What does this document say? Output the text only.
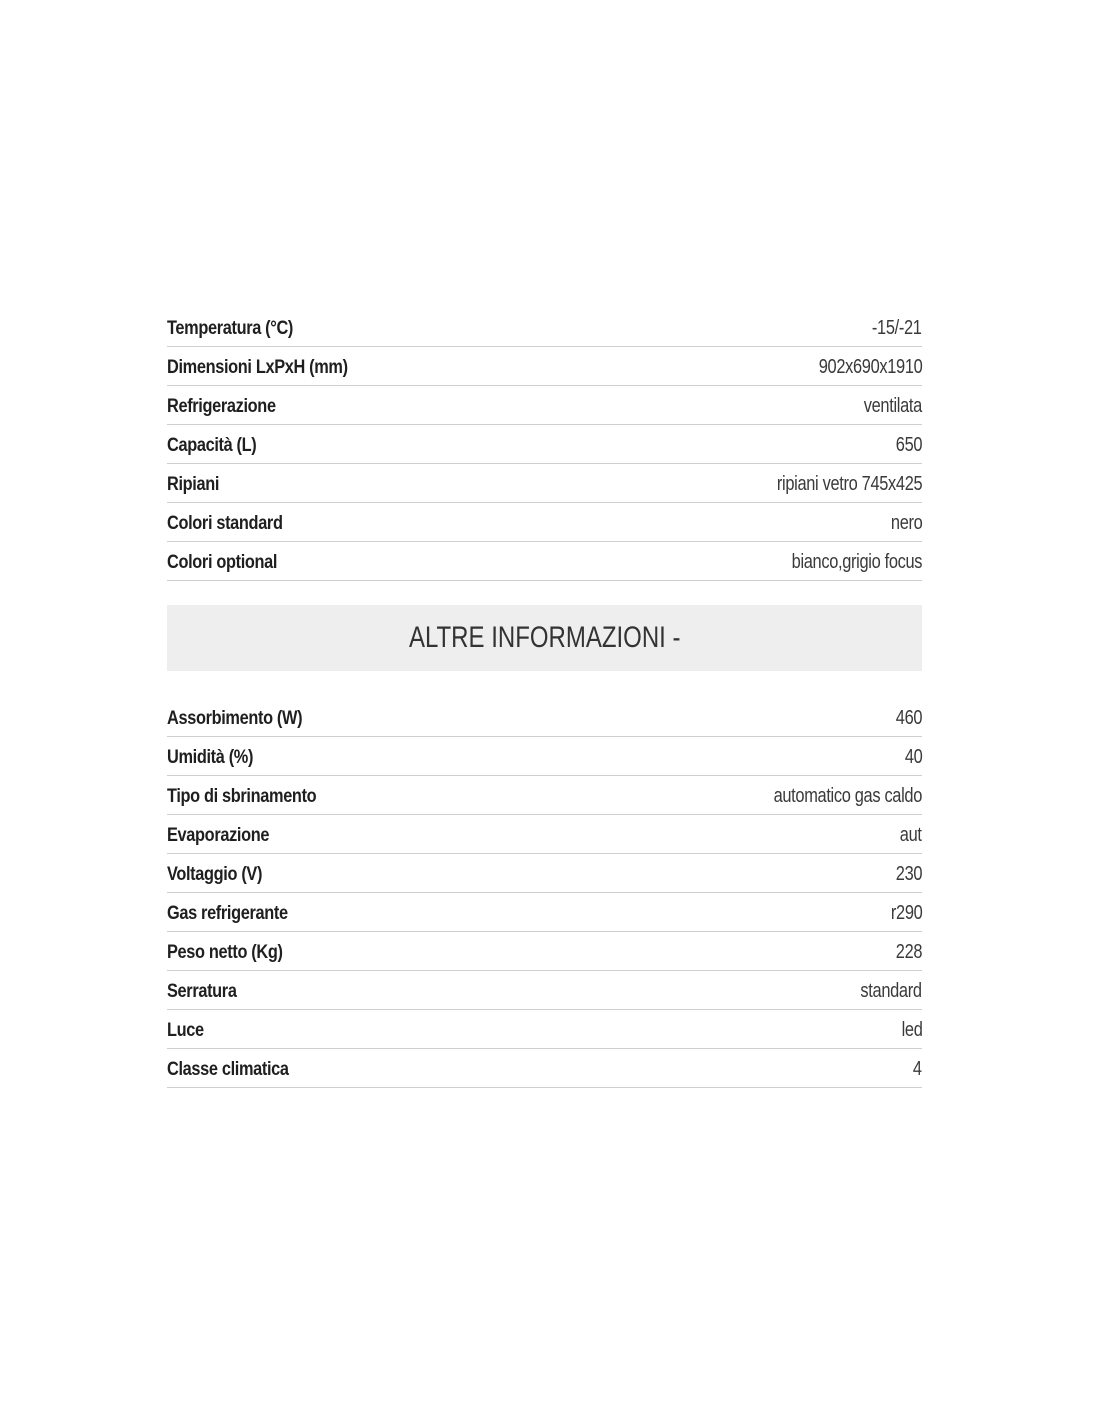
Temperatura (°C)	-15/-21
Dimensioni LxPxH (mm)	902x690x1910
Refrigerazione	ventilata
Capacità (L)	650
Ripiani	ripiani vetro 745x425
Colori standard	nero
Colori optional	bianco,grigio focus
ALTRE INFORMAZIONI -
Assorbimento (W)	460
Umidità (%)	40
Tipo di sbrinamento	automatico gas caldo
Evaporazione	aut
Voltaggio (V)	230
Gas refrigerante	r290
Peso netto (Kg)	228
Serratura	standard
Luce	led
Classe climatica	4
